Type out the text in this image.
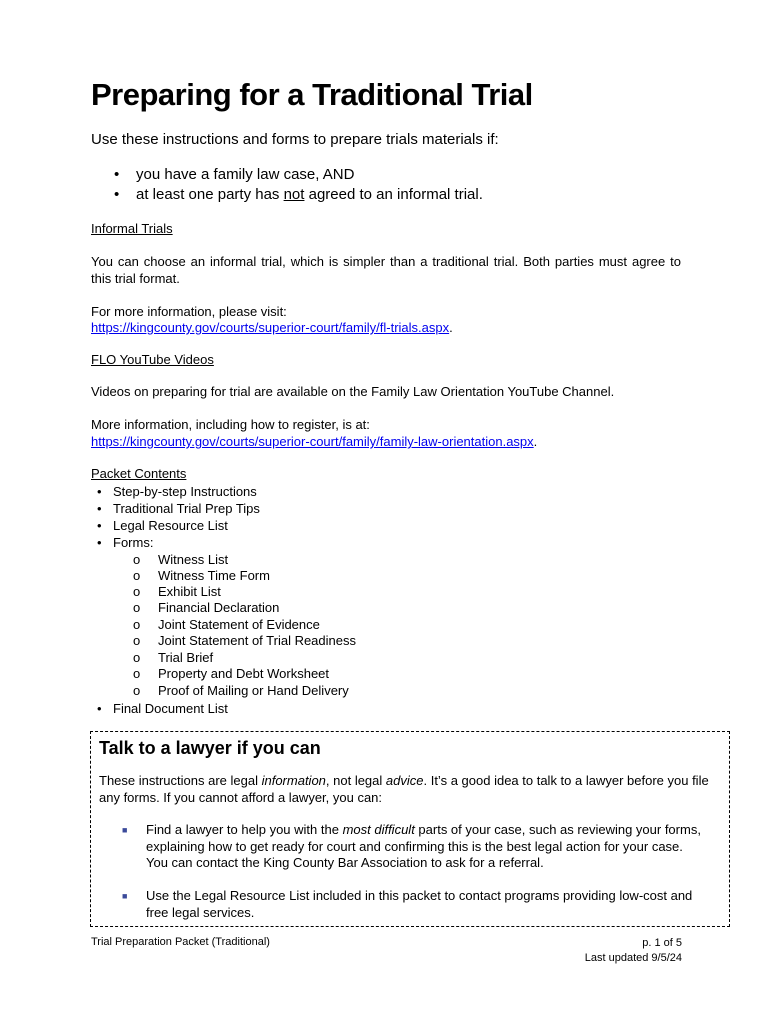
Preparing for a Traditional Trial
Use these instructions and forms to prepare trials materials if:
• you have a family law case, AND
• at least one party has not agreed to an informal trial.
Informal Trials
You can choose an informal trial, which is simpler than a traditional trial. Both parties must agree to this trial format.
For more information, please visit:
https://kingcounty.gov/courts/superior-court/family/fl-trials.aspx.
FLO YouTube Videos
Videos on preparing for trial are available on the Family Law Orientation YouTube Channel.
More information, including how to register, is at:
https://kingcounty.gov/courts/superior-court/family/family-law-orientation.aspx.
Packet Contents
• Step-by-step Instructions
• Traditional Trial Prep Tips
• Legal Resource List
• Forms:
o Witness List
o Witness Time Form
o Exhibit List
o Financial Declaration
o Joint Statement of Evidence
o Joint Statement of Trial Readiness
o Trial Brief
o Property and Debt Worksheet
o Proof of Mailing or Hand Delivery
• Final Document List
Talk to a lawyer if you can
These instructions are legal information, not legal advice. It’s a good idea to talk to a lawyer before you file any forms. If you cannot afford a lawyer, you can:
■ Find a lawyer to help you with the most difficult parts of your case, such as reviewing your forms, explaining how to get ready for court and confirming this is the best legal action for your case. You can contact the King County Bar Association to ask for a referral.
■ Use the Legal Resource List included in this packet to contact programs providing low-cost and free legal services.
Trial Preparation Packet (Traditional)	p. 1 of 5
Last updated 9/5/24
